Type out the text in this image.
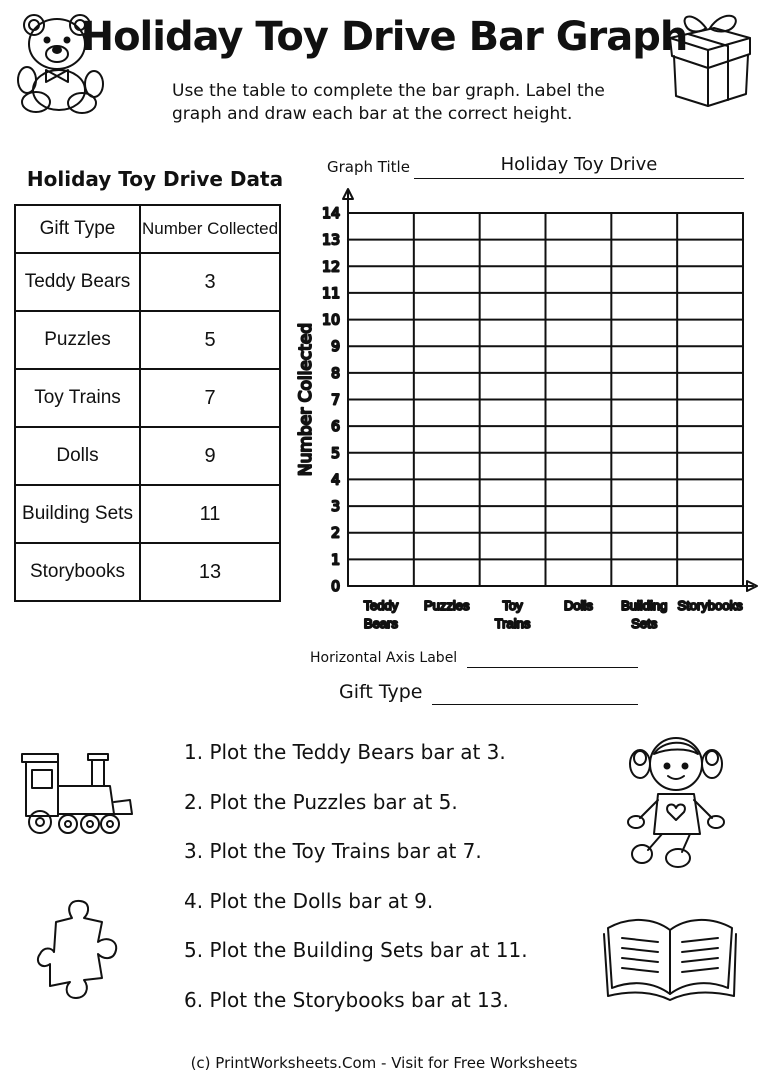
Holiday Toy Drive Bar Graph
Use the table to complete the bar graph. Label the graph and draw each bar at the correct height.
Holiday Toy Drive Data
Gift Type	Number Collected
Teddy Bears	3
Puzzles	5
Toy Trains	7
Dolls	9
Building Sets	11
Storybooks	13
Graph Title	Holiday Toy Drive
0
1
2
3
4
5
6
7
8
9
10
11
12
13
14
Number Collected
Teddy Bears
Puzzles	Toy Trains
Dolls Building Sets
Storybooks
Horizontal Axis Label
Gift Type
1. Plot the Teddy Bears bar at 3.
2. Plot the Puzzles bar at 5.
3. Plot the Toy Trains bar at 7.
4. Plot the Dolls bar at 9.
5. Plot the Building Sets bar at 11.
6. Plot the Storybooks bar at 13.
(c) PrintWorksheets.Com - Visit for Free Worksheets
